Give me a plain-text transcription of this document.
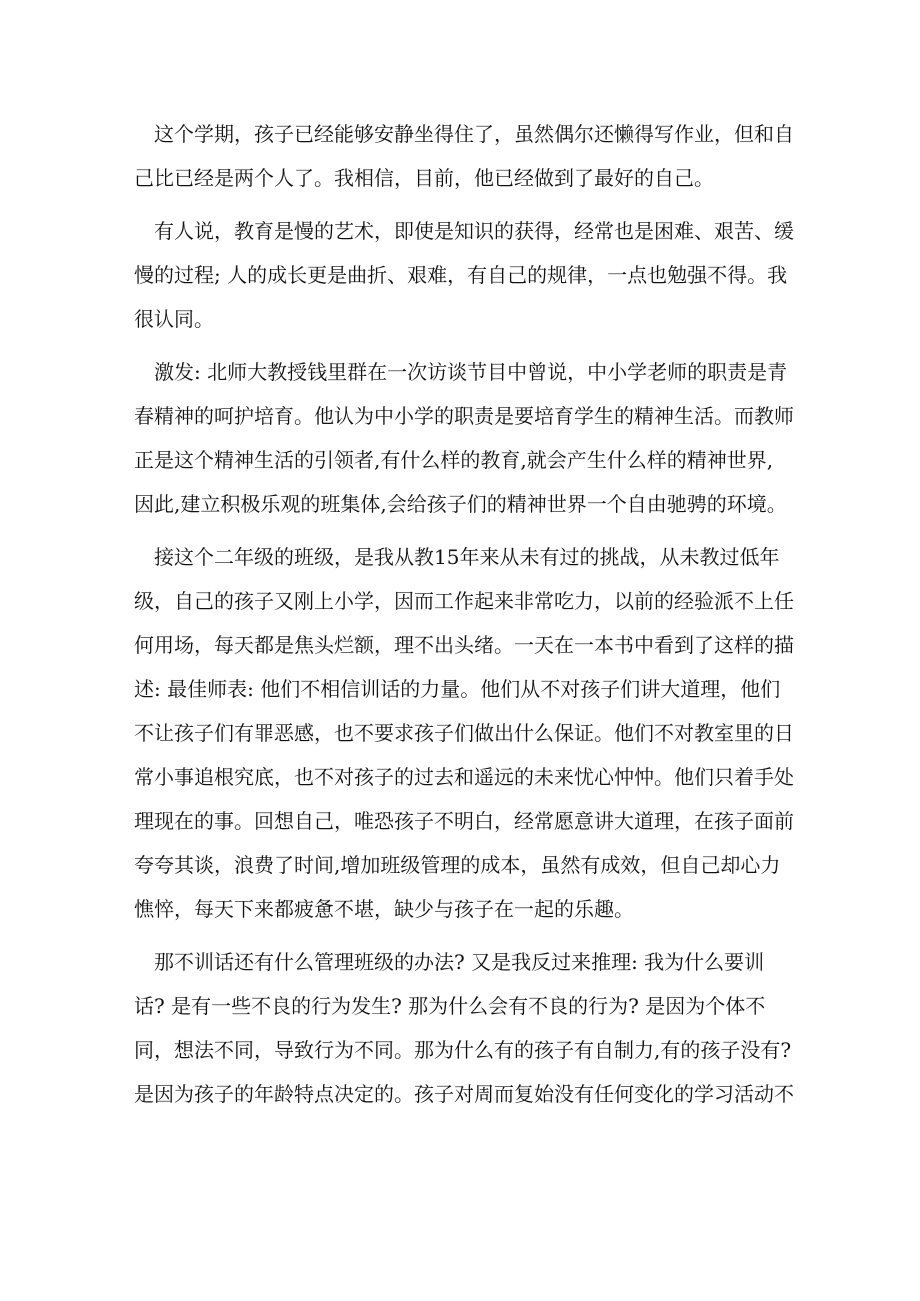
这个学期，孩子已经能够安静坐得住了，虽然偶尔还懒得写作业，但和自
己比已经是两个人了。我相信，目前，他已经做到了最好的自己。
有人说，教育是慢的艺术，即使是知识的获得，经常也是困难、艰苦、缓
慢的过程; 人的成长更是曲折、艰难，有自己的规律，一点也勉强不得。我
很认同。
激发: 北师大教授钱里群在一次访谈节目中曾说，中小学老师的职责是青
春精神的呵护培育。他认为中小学的职责是要培育学生的精神生活。而教师
正是这个精神生活的引领者,有什么样的教育,就会产生什么样的精神世界,
因此,建立积极乐观的班集体,会给孩子们的精神世界一个自由驰骋的环境。
接这个二年级的班级，是我从教15年来从未有过的挑战，从未教过低年
级，自己的孩子又刚上小学，因而工作起来非常吃力，以前的经验派不上任
何用场，每天都是焦头烂额，理不出头绪。一天在一本书中看到了这样的描
述: 最佳师表: 他们不相信训话的力量。他们从不对孩子们讲大道理，他们
不让孩子们有罪恶感，也不要求孩子们做出什么保证。他们不对教室里的日
常小事追根究底，也不对孩子的过去和遥远的未来忧心忡忡。他们只着手处
理现在的事。回想自己，唯恐孩子不明白，经常愿意讲大道理，在孩子面前
夸夸其谈，浪费了时间,增加班级管理的成本，虽然有成效，但自己却心力
憔悴，每天下来都疲惫不堪，缺少与孩子在一起的乐趣。
那不训话还有什么管理班级的办法? 又是我反过来推理: 我为什么要训
话? 是有一些不良的行为发生? 那为什么会有不良的行为? 是因为个体不
同，想法不同，导致行为不同。那为什么有的孩子有自制力,有的孩子没有?
是因为孩子的年龄特点决定的。孩子对周而复始没有任何变化的学习活动不
